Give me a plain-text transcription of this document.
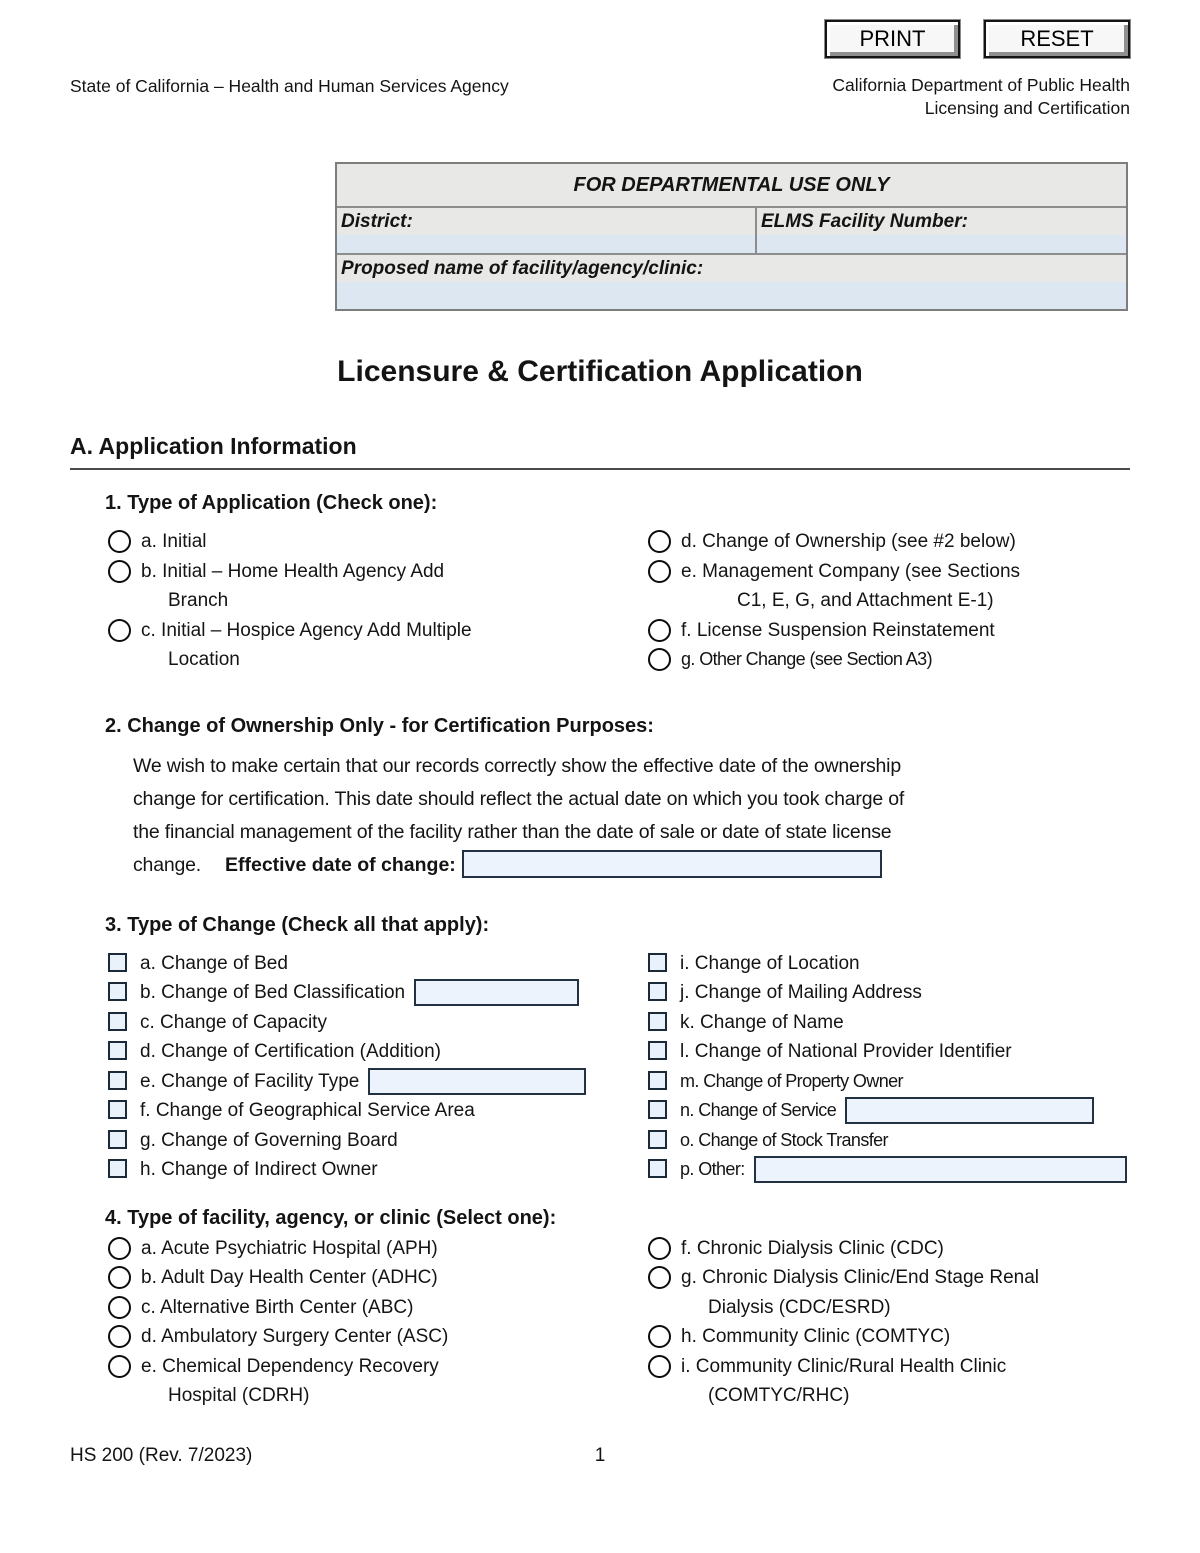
PRINT	RESET
State of California – Health and Human Services Agency	California Department of Public Health
Licensing and Certification
FOR DEPARTMENTAL USE ONLY
District:	ELMS Facility Number:
Proposed name of facility/agency/clinic:
Licensure & Certification Application
A. Application Information
1. Type of Application (Check one):
a. Initial
b. Initial – Home Health Agency Add
Branch
c. Initial – Hospice Agency Add Multiple
Location
d. Change of Ownership (see #2 below)
e. Management Company (see Sections
C1, E, G, and Attachment E-1)
f. License Suspension Reinstatement
g. Other Change (see Section A3)
2. Change of Ownership Only - for Certification Purposes:
We wish to make certain that our records correctly show the effective date of the ownership
change for certification. This date should reflect the actual date on which you took charge of
the financial management of the facility rather than the date of sale or date of state license
change. Effective date of change:
3. Type of Change (Check all that apply):
a. Change of Bed
b. Change of Bed Classification
c. Change of Capacity
d. Change of Certification (Addition)
e. Change of Facility Type
f. Change of Geographical Service Area
g. Change of Governing Board
h. Change of Indirect Owner
i. Change of Location
j. Change of Mailing Address
k. Change of Name
l. Change of National Provider Identifier
m. Change of Property Owner
n. Change of Service
o. Change of Stock Transfer
p. Other:
4. Type of facility, agency, or clinic (Select one):
a. Acute Psychiatric Hospital (APH)
b. Adult Day Health Center (ADHC)
c. Alternative Birth Center (ABC)
d. Ambulatory Surgery Center (ASC)
e. Chemical Dependency Recovery
Hospital (CDRH)
f. Chronic Dialysis Clinic (CDC)
g. Chronic Dialysis Clinic/End Stage Renal
Dialysis (CDC/ESRD)
h. Community Clinic (COMTYC)
i. Community Clinic/Rural Health Clinic
(COMTYC/RHC)
HS 200 (Rev. 7/2023)	1
